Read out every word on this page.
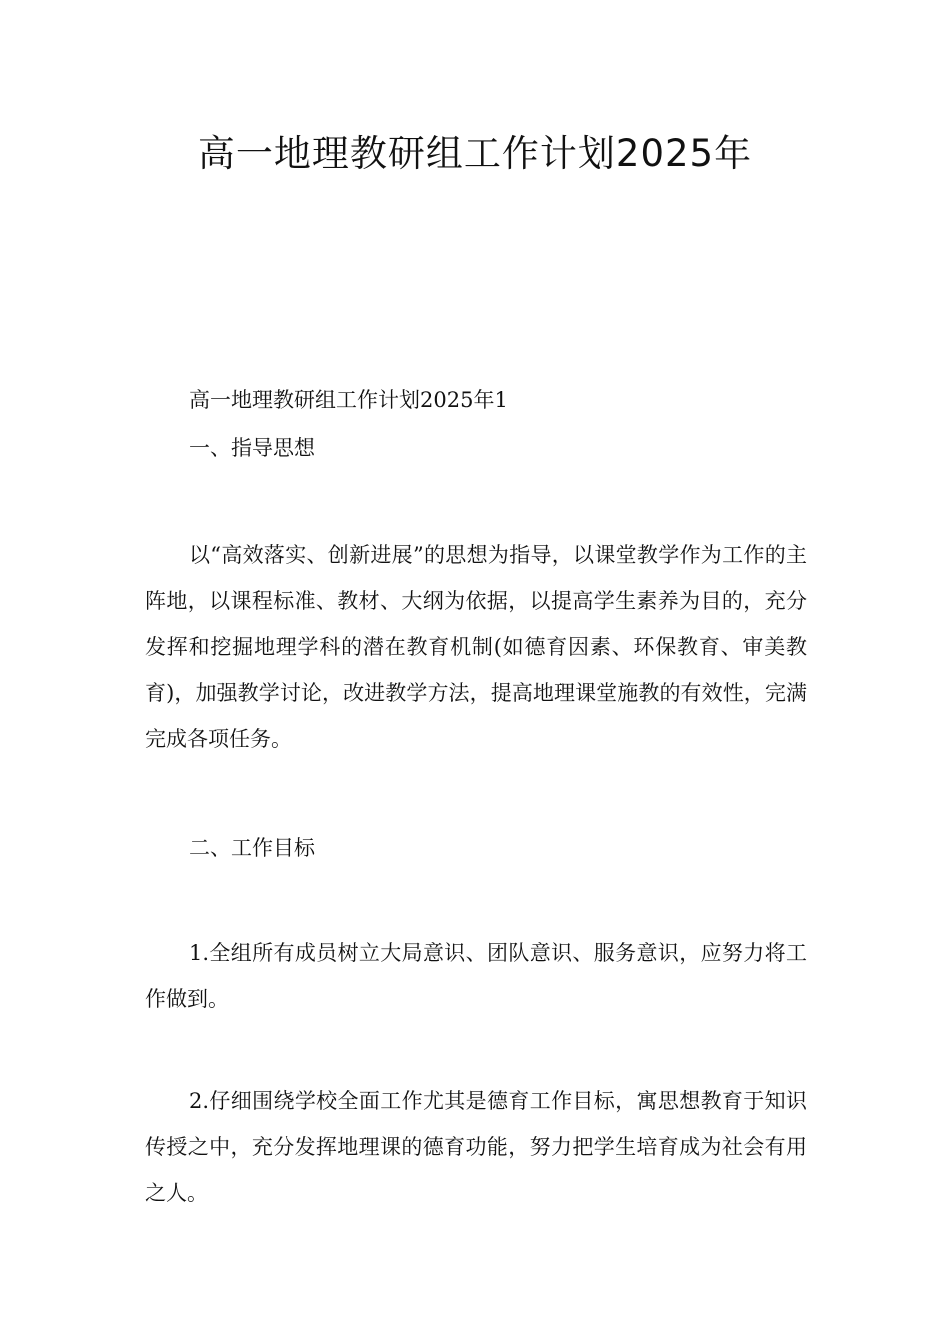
高一地理教研组工作计划2025年

高一地理教研组工作计划2025年1

一、指导思想

以“高效落实、创新进展”的思想为指导，以课堂教学作为工作的主阵地，以课程标准、教材、大纲为依据，以提高学生素养为目的，充分发挥和挖掘地理学科的潜在教育机制(如德育因素、环保教育、审美教育)，加强教学讨论，改进教学方法，提高地理课堂施教的有效性，完满完成各项任务。

二、工作目标

1.全组所有成员树立大局意识、团队意识、服务意识，应努力将工作做到。

2.仔细围绕学校全面工作尤其是德育工作目标，寓思想教育于知识传授之中，充分发挥地理课的德育功能，努力把学生培育成为社会有用之人。
